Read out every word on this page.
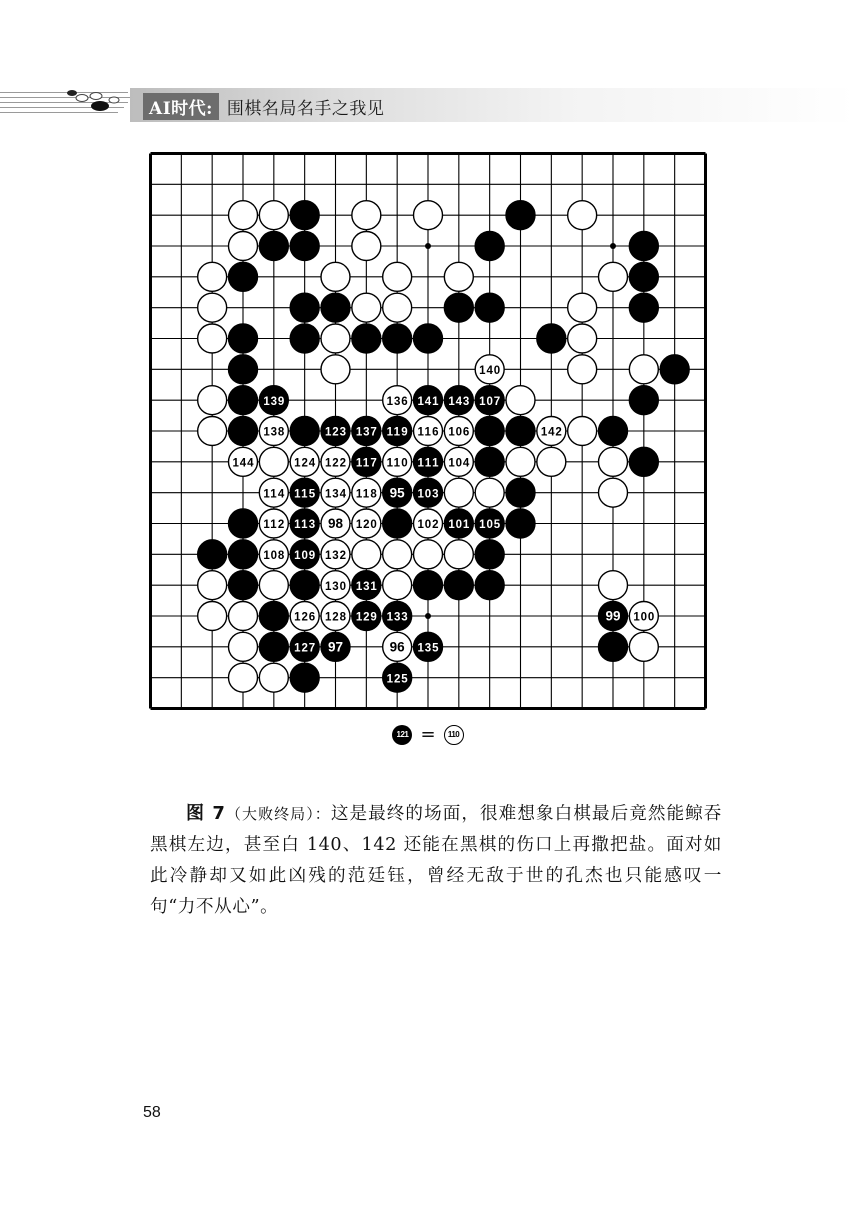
AI时代: 围棋名局名手之我见
140
139	136 141 143 107
138	123 137 119 116 106	142
144	124 122 117 110 111 104
114 115 134 118 95 103
112 113 98 120	102 101 105
108 109 132
130 131
126 128 129 133	99 100
127 97	96 135
125
121 =	110
图 7（大败终局）：这是最终的场面，很难想象白棋最后竟然能鲸吞黑棋左边，甚至白 140、142 还能在黑棋的伤口上再撒把盐。面对如此冷静却又如此凶残的范廷钰，曾经无敌于世的孔杰也只能感叹一句“力不从心”。
58
